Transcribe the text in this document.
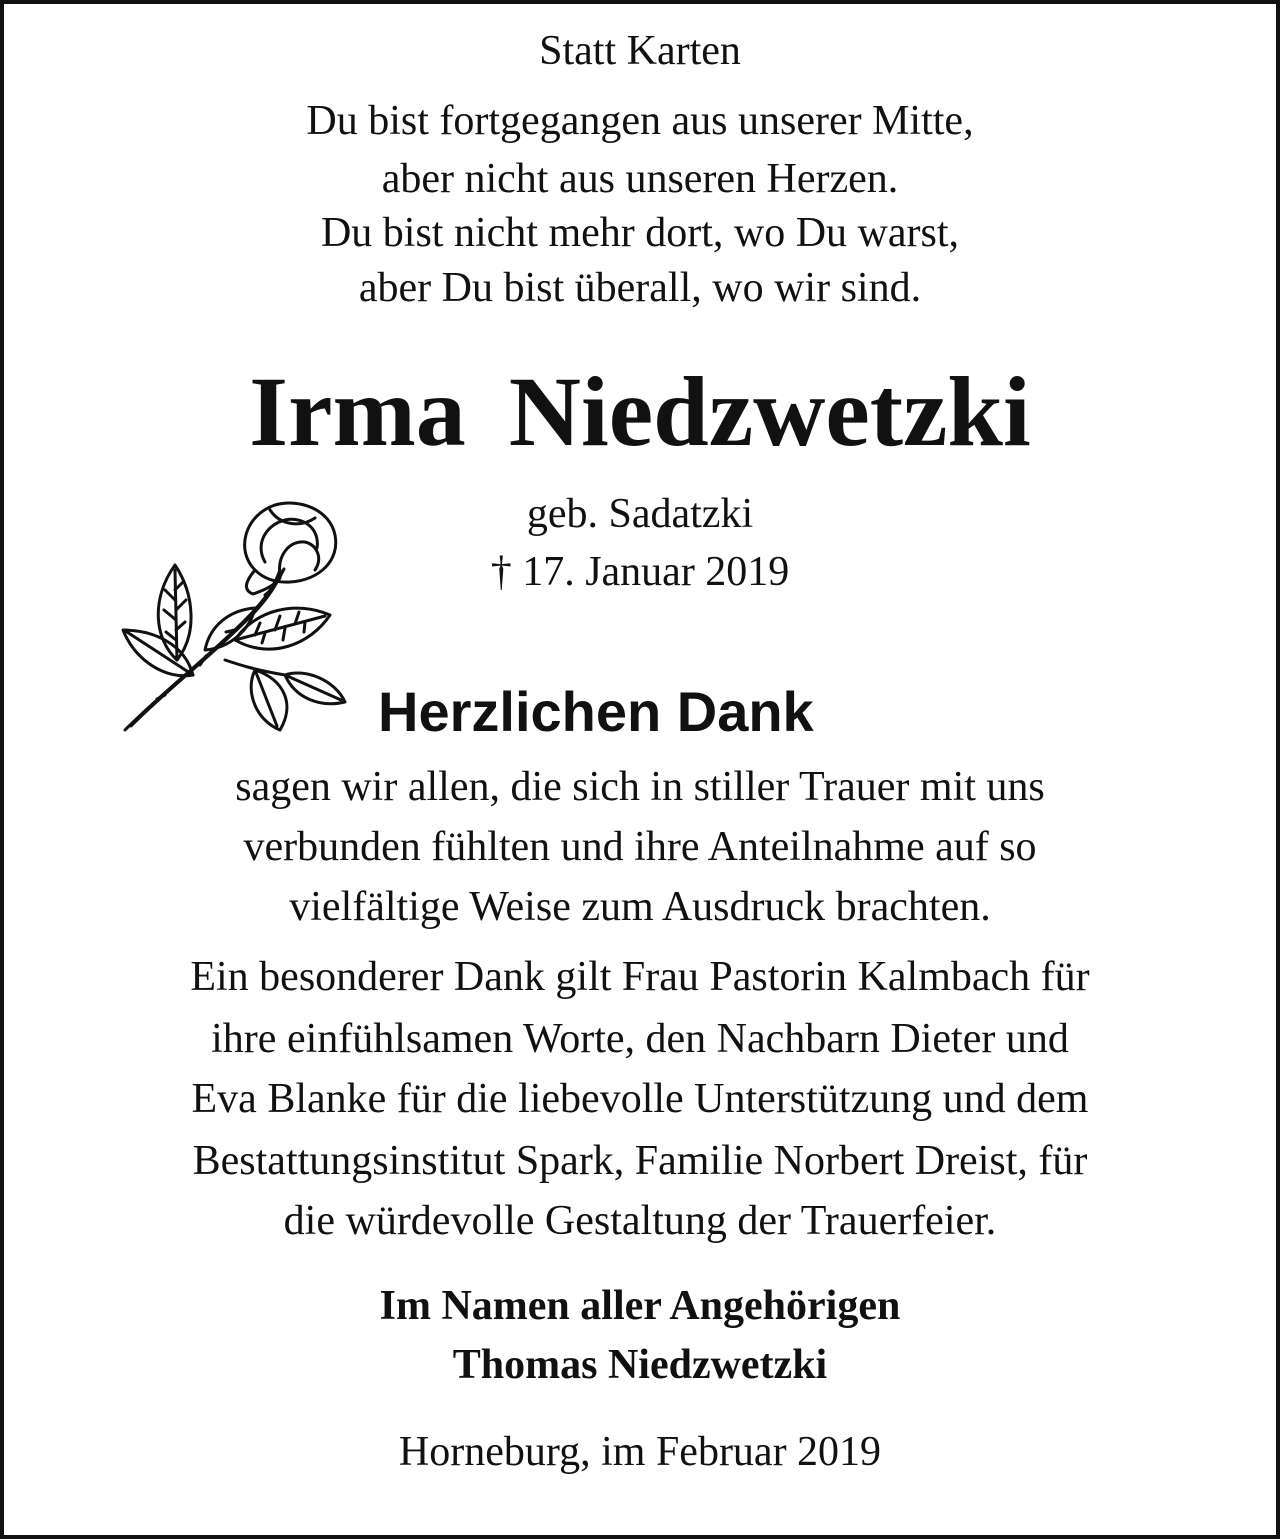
Statt Karten
Du bist fortgegangen aus unserer Mitte,
aber nicht aus unseren Herzen.
Du bist nicht mehr dort, wo Du warst,
aber Du bist überall, wo wir sind.
Irma Niedzwetzki
geb. Sadatzki
† 17. Januar 2019
Herzlichen Dank
sagen wir allen, die sich in stiller Trauer mit uns
verbunden fühlten und ihre Anteilnahme auf so
vielfältige Weise zum Ausdruck brachten.
Ein besonderer Dank gilt Frau Pastorin Kalmbach für
ihre einfühlsamen Worte, den Nachbarn Dieter und
Eva Blanke für die liebevolle Unterstützung und dem
Bestattungsinstitut Spark, Familie Norbert Dreist, für
die würdevolle Gestaltung der Trauerfeier.
Im Namen aller Angehörigen
Thomas Niedzwetzki
Horneburg, im Februar 2019
